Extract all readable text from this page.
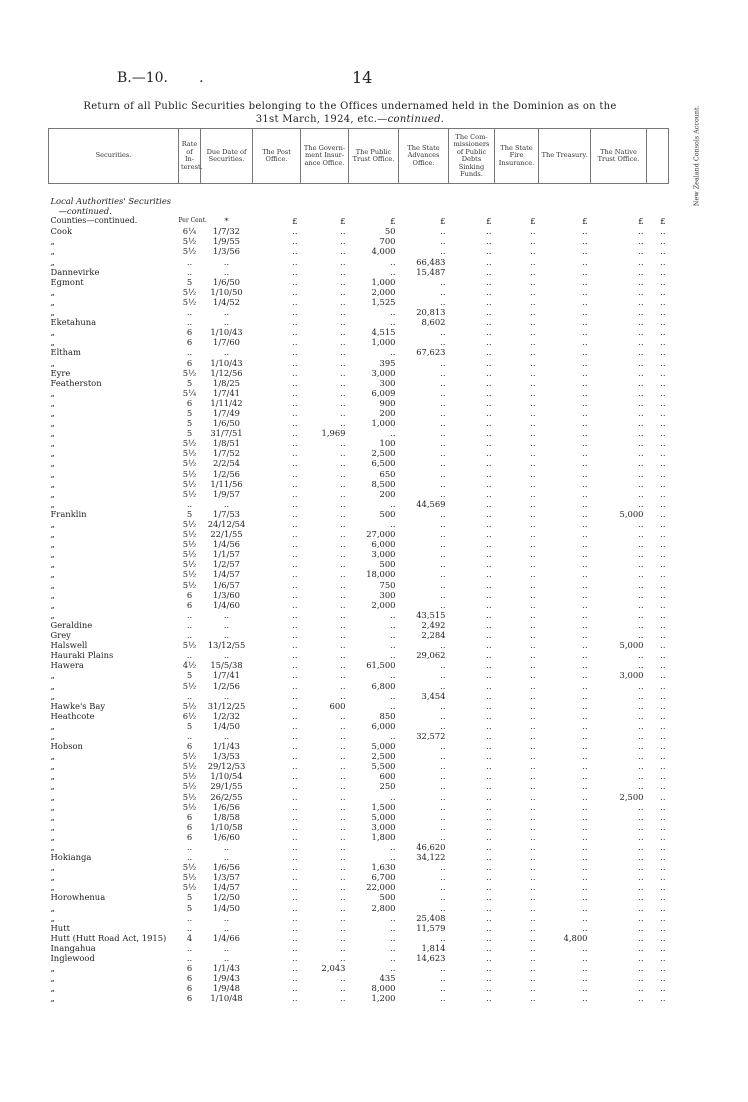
B.—10. .	14
Return of all Public Securities belonging to the Offices undernamed held in the Dominion as on the
31st March, 1924, etc.—continued.
Securities.	Rate of In-terest.	Due Date of Securities.	The Post Office.	The Govern-ment Insur-ance Office.	The Public Trust Office.	The State Advances Office.	The Com-missioners of Public Debts Sinking Funds.	The State Fire Insurance.	The Treasury.	The Native Trust Office.	New Zealand Consols Account.

Local Authorities' Securities											
—continued.											
Counties—continued.	Per Cent.	*	£	£	£	£	£	£	£	£	£
Cook	6¼	1/7/32	..	..	50	..	..	..	..	..	..
„	5½	1/9/55	..	..	700	..	..	..	..	..	..
„	5½	1/3/56	..	..	4,000	..	..	..	..	..	..
„	..	..	..	..	..	66,483	..	..	..	..	..
Dannevirke	..	..	..	..	..	15,487	..	..	..	..	..
Egmont	5	1/6/50	..	..	1,000	..	..	..	..	..	..
„	5½	1/10/50	..	..	2,000	..	..	..	..	..	..
„	5½	1/4/52	..	..	1,525	..	..	..	..	..	..
„	..	..	..	..	..	20,813	..	..	..	..	..
Eketahuna	..	..	..	..	..	8,602	..	..	..	..	..
„	6	1/10/43	..	..	4,515	..	..	..	..	..	..
„	6	1/7/60	..	..	1,000	..	..	..	..	..	..
Eltham	..	..	..	..	..	67,623	..	..	..	..	..
„	6	1/10/43	..	..	395	..	..	..	..	..	..
Eyre	5½	1/12/56	..	..	3,000	..	..	..	..	..	..
Featherston	5	1/8/25	..	..	300	..	..	..	..	..	..
„	5¼	1/7/41	..	..	6,009	..	..	..	..	..	..
„	6	1/11/42	..	..	900	..	..	..	..	..	..
„	5	1/7/49	..	..	200	..	..	..	..	..	..
„	5	1/6/50	..	..	1,000	..	..	..	..	..	..
„	5	31/7/51	..	1,969	..	..	..	..	..	..	..
„	5½	1/8/51	..	..	100	..	..	..	..	..	..
„	5½	1/7/52	..	..	2,500	..	..	..	..	..	..
„	5½	2/2/54	..	..	6,500	..	..	..	..	..	..
„	5½	1/2/56	..	..	650	..	..	..	..	..	..
„	5½	1/11/56	..	..	8,500	..	..	..	..	..	..
„	5½	1/9/57	..	..	200	..	..	..	..	..	..
„	..	..	..	..	..	44,569	..	..	..	..	..
Franklin	5	1/7/53	..	..	500	..	..	..	..	5,000	..
„	5½	24/12/54	..	..	..	..	..	..	..	..	..
„	5½	22/1/55	..	..	27,000	..	..	..	..	..	..
„	5½	1/4/56	..	..	6,000	..	..	..	..	..	..
„	5½	1/1/57	..	..	3,000	..	..	..	..	..	..
„	5½	1/2/57	..	..	500	..	..	..	..	..	..
„	5½	1/4/57	..	..	18,000	..	..	..	..	..	..
„	5½	1/6/57	..	..	750	..	..	..	..	..	..
„	6	1/3/60	..	..	300	..	..	..	..	..	..
„	6	1/4/60	..	..	2,000	..	..	..	..	..	..
„	..	..	..	..	..	43,515	..	..	..	..	..
Geraldine	..	..	..	..	..	2,492	..	..	..	..	..
Grey	..	..	..	..	..	2,284	..	..	..	..	..
Halswell	5½	13/12/55	..	..	..	..	..	..	..	5,000	..
Hauraki Plains	..	..	..	..	..	29,062	..	..	..	..	..
Hawera	4½	15/5/38	..	..	61,500	..	..	..	..	..	..
„	5	1/7/41	..	..	..	..	..	..	..	3,000	..
„	5½	1/2/56	..	..	6,800	..	..	..	..	..	..
„	..	..	..	..	..	3,454	..	..	..	..	..
Hawke's Bay	5½	31/12/25	..	600	..	..	..	..	..	..	..
Heathcote	6½	1/2/32	..	..	850	..	..	..	..	..	..
„	5	1/4/50	..	..	6,000	..	..	..	..	..	..
„	..	..	..	..	..	32,572	..	..	..	..	..
Hobson	6	1/1/43	..	..	5,000	..	..	..	..	..	..
„	5½	1/3/53	..	..	2,500	..	..	..	..	..	..
„	5½	29/12/53	..	..	5,500	..	..	..	..	..	..
„	5½	1/10/54	..	..	600	..	..	..	..	..	..
„	5½	29/1/55	..	..	250	..	..	..	..	..	..
„	5½	26/2/55	..	..	..	..	..	..	..	2,500	..
„	5½	1/6/56	..	..	1,500	..	..	..	..	..	..
„	6	1/8/58	..	..	5,000	..	..	..	..	..	..
„	6	1/10/58	..	..	3,000	..	..	..	..	..	..
„	6	1/6/60	..	..	1,800	..	..	..	..	..	..
„	..	..	..	..	..	46,620	..	..	..	..	..
Hokianga	..	..	..	..	..	34,122	..	..	..	..	..
„	5½	1/6/56	..	..	1,630	..	..	..	..	..	..
„	5½	1/3/57	..	..	6,700	..	..	..	..	..	..
„	5½	1/4/57	..	..	22,000	..	..	..	..	..	..
Horowhenua	5	1/2/50	..	..	500	..	..	..	..	..	..
„	5	1/4/50	..	..	2,800	..	..	..	..	..	..
„	..	..	..	..	..	25,408	..	..	..	..	..
Hutt	..	..	..	..	..	11,579	..	..	..	..	..
Hutt (Hutt Road Act, 1915)	4	1/4/66	..	..	..	..	..	..	4,800	..	..
Inangahua	..	..	..	..	..	1,814	..	..	..	..	..
Inglewood	..	..	..	..	..	14,623	..	..	..	..	..
„	6	1/1/43	..	2,043	..	..	..	..	..	..	..
„	6	1/9/43	..	..	435	..	..	..	..	..	..
„	6	1/9/48	..	..	8,000	..	..	..	..	..	..
„	6	1/10/48	..	..	1,200	..	..	..	..	..	..
